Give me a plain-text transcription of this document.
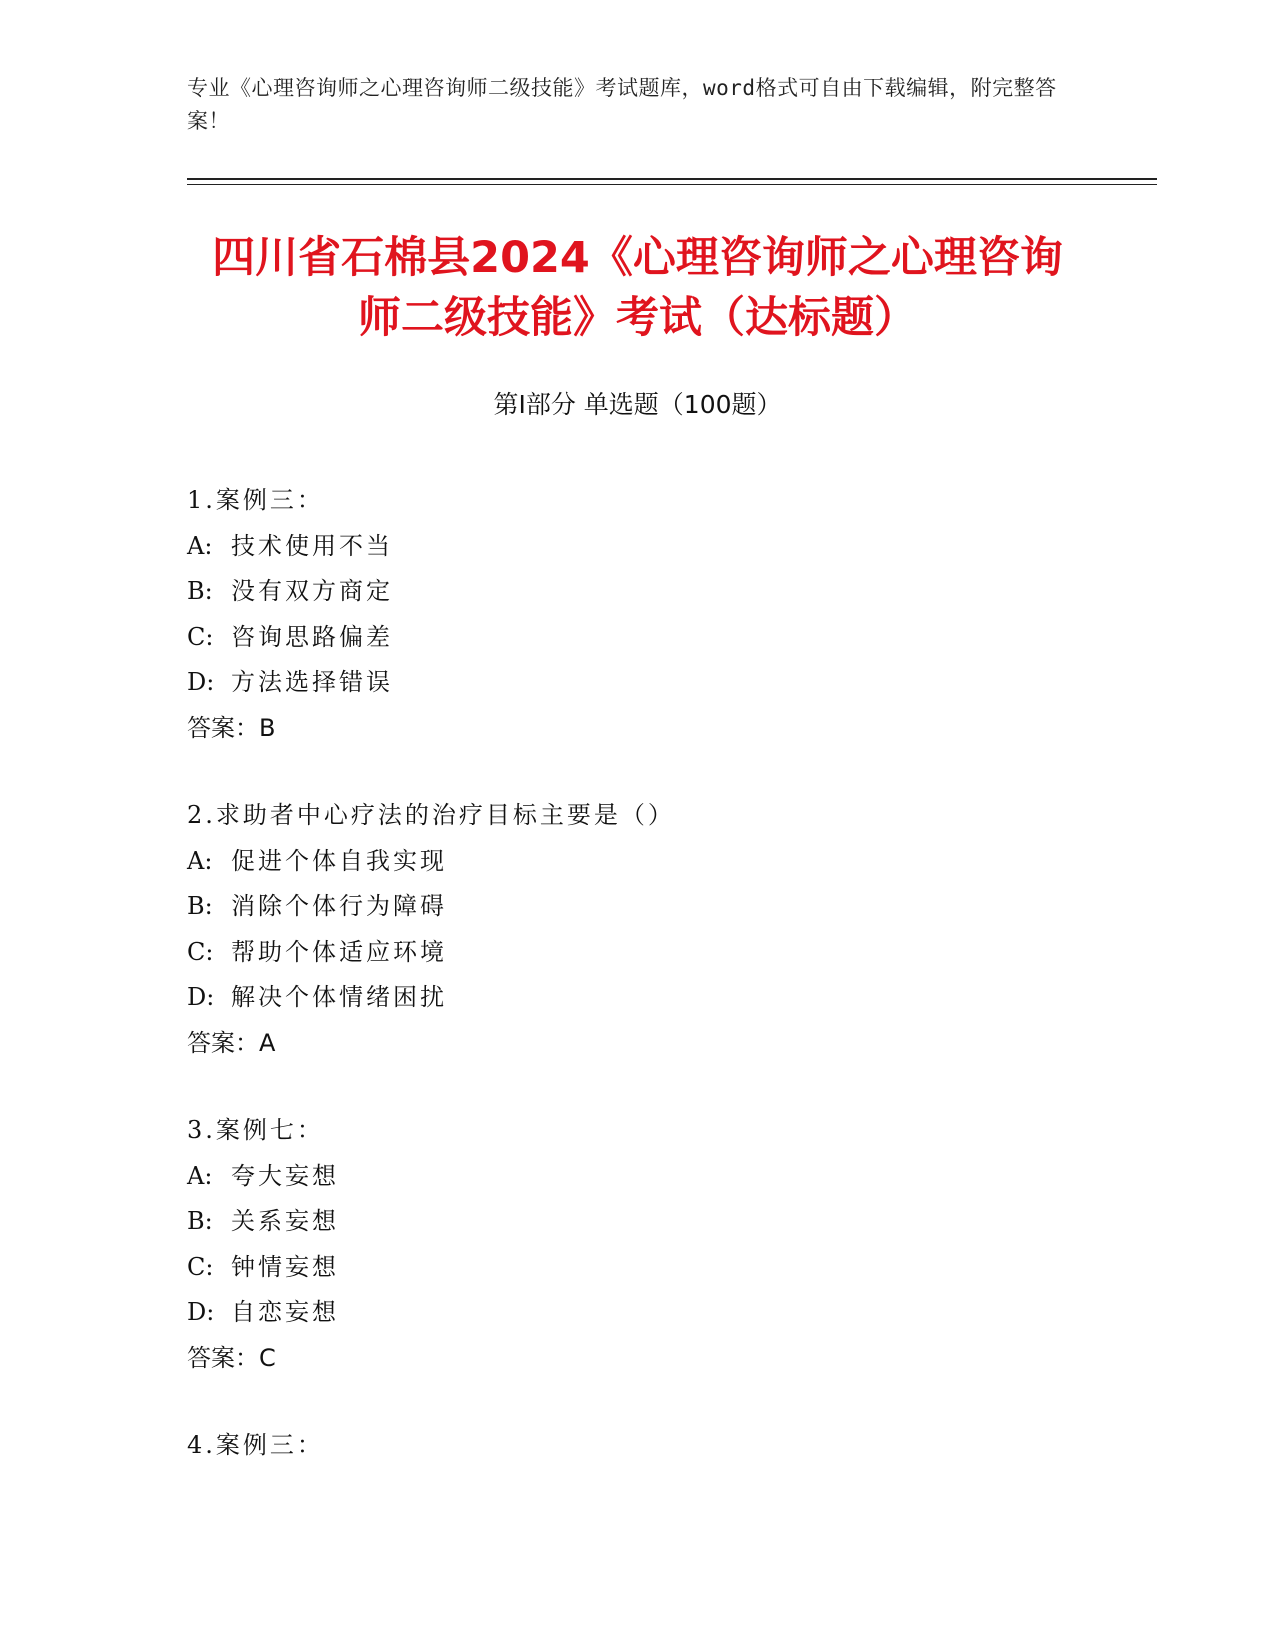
专业《心理咨询师之心理咨询师二级技能》考试题库，word格式可自由下载编辑，附完整答案！
四川省石棉县2024《心理咨询师之心理咨询
师二级技能》考试（达标题）
第Ⅰ部分 单选题（100题）
1.案例三：
A: 技术使用不当
B: 没有双方商定
C: 咨询思路偏差
D: 方法选择错误
答案：B
2.求助者中心疗法的治疗目标主要是（）
A: 促进个体自我实现
B: 消除个体行为障碍
C: 帮助个体适应环境
D: 解决个体情绪困扰
答案：A
3.案例七：
A: 夸大妄想
B: 关系妄想
C: 钟情妄想
D: 自恋妄想
答案：C
4.案例三：
